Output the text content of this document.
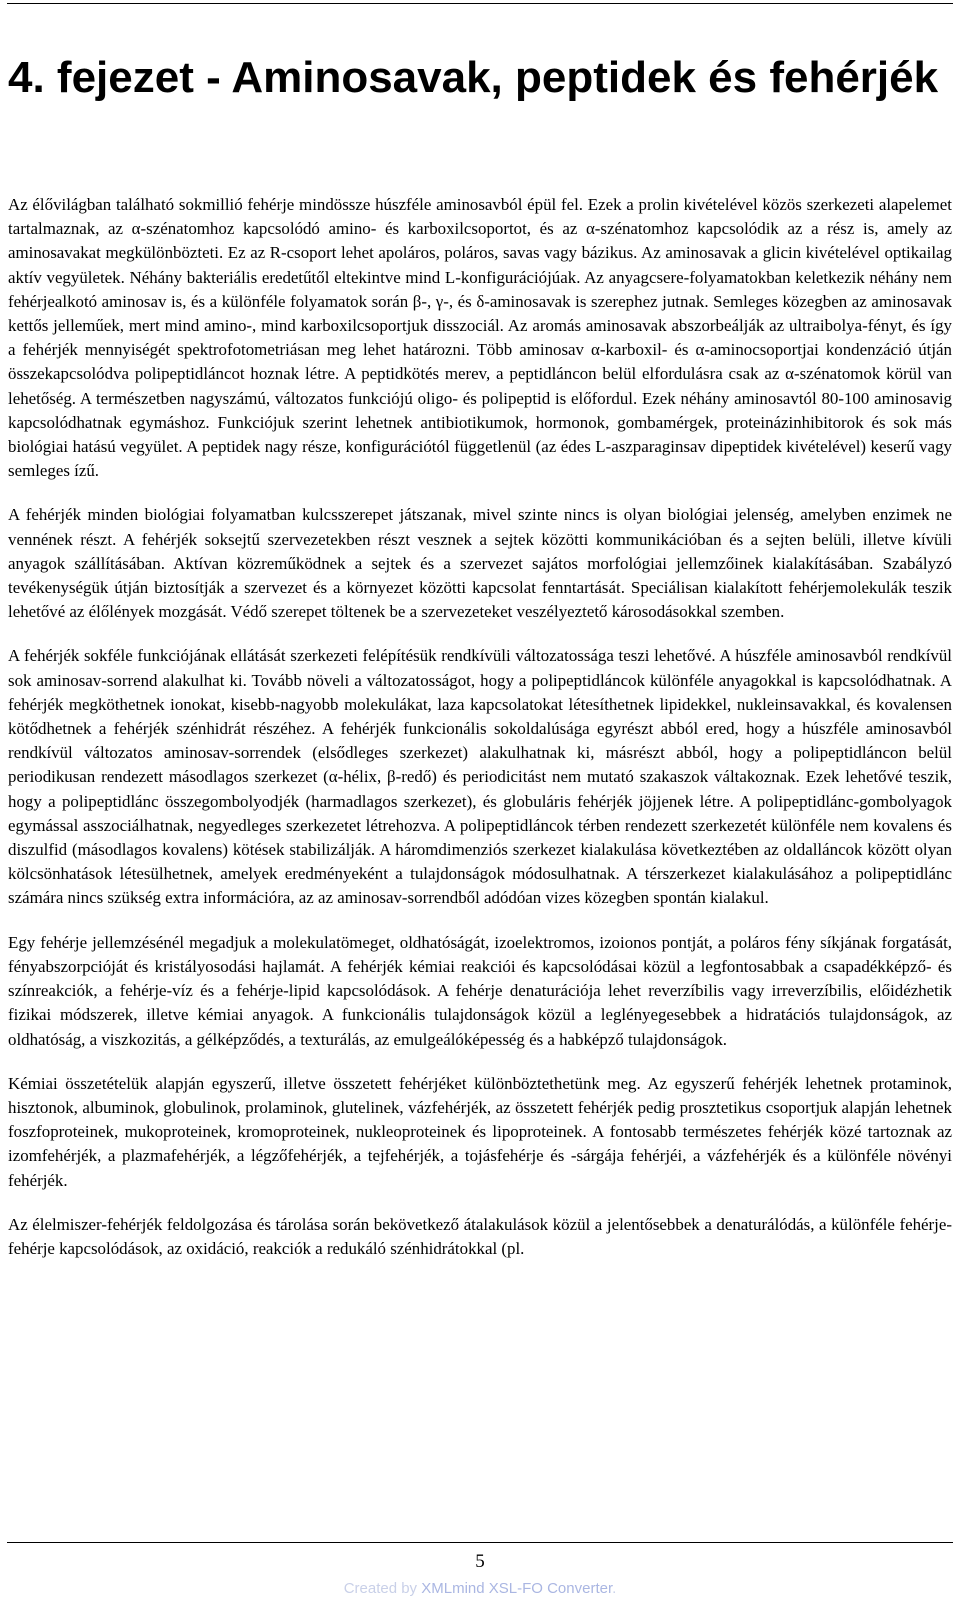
4. fejezet - Aminosavak, peptidek és fehérjék

Az élővilágban található sokmillió fehérje mindössze húszféle aminosavból épül fel. Ezek a prolin kivételével közös szerkezeti alapelemet tartalmaznak, az α-szénatomhoz kapcsolódó amino- és karboxilcsoportot, és az α-szénatomhoz kapcsolódik az a rész is, amely az aminosavakat megkülönbözteti. Ez az R-csoport lehet apoláros, poláros, savas vagy bázikus. Az aminosavak a glicin kivételével optikailag aktív vegyületek. Néhány bakteriális eredetűtől eltekintve mind L-konfigurációjúak. Az anyagcsere-folyamatokban keletkezik néhány nem fehérjealkotó aminosav is, és a különféle folyamatok során β-, γ-, és δ-aminosavak is szerephez jutnak. Semleges közegben az aminosavak kettős jelleműek, mert mind amino-, mind karboxilcsoportjuk disszociál. Az aromás aminosavak abszorbeálják az ultraibolya-fényt, és így a fehérjék mennyiségét spektrofotometriásan meg lehet határozni. Több aminosav α-karboxil- és α-aminocsoportjai kondenzáció útján összekapcsolódva polipeptidláncot hoznak létre. A peptidkötés merev, a peptidláncon belül elfordulásra csak az α-szénatomok körül van lehetőség. A természetben nagyszámú, változatos funkciójú oligo- és polipeptid is előfordul. Ezek néhány aminosavtól 80-100 aminosavig kapcsolódhatnak egymáshoz. Funkciójuk szerint lehetnek antibiotikumok, hormonok, gombamérgek, proteinázinhibitorok és sok más biológiai hatású vegyület. A peptidek nagy része, konfigurációtól függetlenül (az édes L-aszparaginsav dipeptidek kivételével) keserű vagy semleges ízű.

A fehérjék minden biológiai folyamatban kulcsszerepet játszanak, mivel szinte nincs is olyan biológiai jelenség, amelyben enzimek ne vennének részt. A fehérjék soksejtű szervezetekben részt vesznek a sejtek közötti kommunikációban és a sejten belüli, illetve kívüli anyagok szállításában. Aktívan közreműködnek a sejtek és a szervezet sajátos morfológiai jellemzőinek kialakításában. Szabályzó tevékenységük útján biztosítják a szervezet és a környezet közötti kapcsolat fenntartását. Speciálisan kialakított fehérjemolekulák teszik lehetővé az élőlények mozgását. Védő szerepet töltenek be a szervezeteket veszélyeztető károsodásokkal szemben.

A fehérjék sokféle funkciójának ellátását szerkezeti felépítésük rendkívüli változatossága teszi lehetővé. A húszféle aminosavból rendkívül sok aminosav-sorrend alakulhat ki. Tovább növeli a változatosságot, hogy a polipeptidláncok különféle anyagokkal is kapcsolódhatnak. A fehérjék megköthetnek ionokat, kisebb-nagyobb molekulákat, laza kapcsolatokat létesíthetnek lipidekkel, nukleinsavakkal, és kovalensen kötődhetnek a fehérjék szénhidrát részéhez. A fehérjék funkcionális sokoldalúsága egyrészt abból ered, hogy a húszféle aminosavból rendkívül változatos aminosav-sorrendek (elsődleges szerkezet) alakulhatnak ki, másrészt abból, hogy a polipeptidláncon belül periodikusan rendezett másodlagos szerkezet (α-hélix, β-redő) és periodicitást nem mutató szakaszok váltakoznak. Ezek lehetővé teszik, hogy a polipeptidlánc összegombolyodjék (harmadlagos szerkezet), és globuláris fehérjék jöjjenek létre. A polipeptidlánc-gombolyagok egymással asszociálhatnak, negyedleges szerkezetet létrehozva. A polipeptidláncok térben rendezett szerkezetét különféle nem kovalens és diszulfid (másodlagos kovalens) kötések stabilizálják. A háromdimenziós szerkezet kialakulása következtében az oldalláncok között olyan kölcsönhatások létesülhetnek, amelyek eredményeként a tulajdonságok módosulhatnak. A térszerkezet kialakulásához a polipeptidlánc számára nincs szükség extra információra, az az aminosav-sorrendből adódóan vizes közegben spontán kialakul.

Egy fehérje jellemzésénél megadjuk a molekulatömeget, oldhatóságát, izoelektromos, izoionos pontját, a poláros fény síkjának forgatását, fényabszorpcióját és kristályosodási hajlamát. A fehérjék kémiai reakciói és kapcsolódásai közül a legfontosabbak a csapadékképző- és színreakciók, a fehérje-víz és a fehérje-lipid kapcsolódások. A fehérje denaturációja lehet reverzíbilis vagy irreverzíbilis, előidézhetik fizikai módszerek, illetve kémiai anyagok. A funkcionális tulajdonságok közül a leglényegesebbek a hidratációs tulajdonságok, az oldhatóság, a viszkozitás, a gélképződés, a texturálás, az emulgeálóképesség és a habképző tulajdonságok.

Kémiai összetételük alapján egyszerű, illetve összetett fehérjéket különböztethetünk meg. Az egyszerű fehérjék lehetnek protaminok, hisztonok, albuminok, globulinok, prolaminok, glutelinek, vázfehérjék, az összetett fehérjék pedig prosztetikus csoportjuk alapján lehetnek foszfoproteinek, mukoproteinek, kromoproteinek, nukleoproteinek és lipoproteinek. A fontosabb természetes fehérjék közé tartoznak az izomfehérjék, a plazmafehérjék, a légzőfehérjék, a tejfehérjék, a tojásfehérje és -sárgája fehérjéi, a vázfehérjék és a különféle növényi fehérjék.

Az élelmiszer-fehérjék feldolgozása és tárolása során bekövetkező átalakulások közül a jelentősebbek a denaturálódás, a különféle fehérje-fehérje kapcsolódások, az oxidáció, reakciók a redukáló szénhidrátokkal (pl.

5
Created by XMLmind XSL-FO Converter.
